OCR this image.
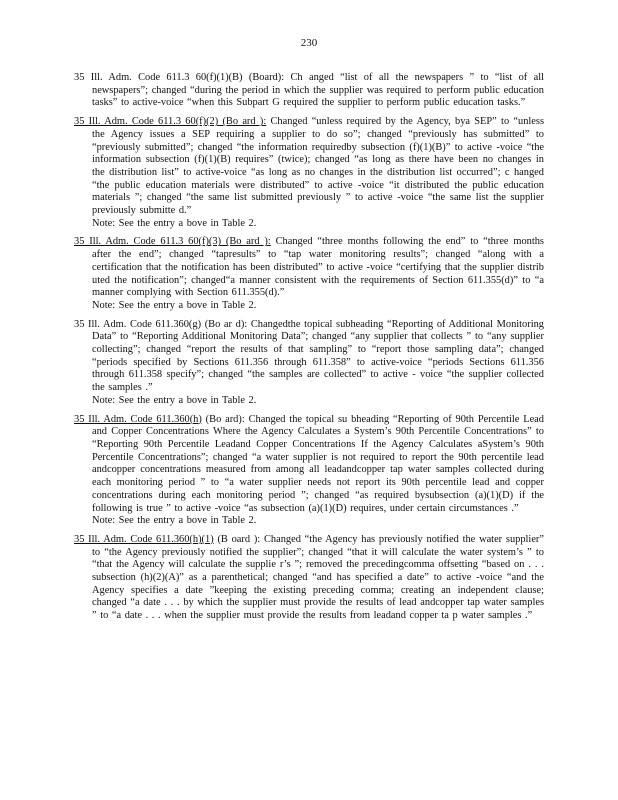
230

35 Ill. Adm. Code 611.3 60(f)(1)(B) (Board): Ch anged “list of all the newspapers ” to “list of all newspapers”; changed “during the period in which the supplier was required to perform public education tasks” to active-voice “when this Subpart G required the supplier to perform public education tasks.”

35 Ill. Adm. Code 611.3 60(f)(2) (Bo ard ): Changed “unless required by the Agency, bya SEP” to “unless the Agency issues a SEP requiring a supplier to do so”; changed “previously has submitted” to “previously submitted”; changed “the information requiredby subsection (f)(1)(B)” to active -voice “the information subsection (f)(1)(B) requires” (twice); changed “as long as there have been no changes in the distribution list” to active-voice “as long as no changes in the distribution list occurred”; c hanged “the public education materials were distributed” to active -voice “it distributed the public education materials ”; changed “the same list submitted previously ” to active -voice “the same list the supplier previously submitte d.”
Note: See the entry a bove in Table 2.

35 Ill. Adm. Code 611.3 60(f)(3) (Bo ard ): Changed “three months following the end” to “three months after the end”; changed “tapresults” to “tap water monitoring results”; changed “along with a certification that the notification has been distributed” to active -voice “certifying that the supplier distrib uted the notification”; changed“a manner consistent with the requirements of Section 611.355(d)” to “a manner complying with Section 611.355(d).”
Note: See the entry a bove in Table 2.

35 Ill. Adm. Code 611.360(g) (Bo ar d): Changedthe topical subheading “Reporting of Additional Monitoring Data” to “Reporting Additional Monitoring Data”; changed “any supplier that collects ” to “any supplier collecting”; changed “report the results of that sampling” to “report those sampling data”; changed “periods specified by Sections 611.356 through 611.358” to active-voice “periods Sections 611.356 through 611.358 specify”; changed “the samples are collected” to active - voice “the supplier collected the samples .”
Note: See the entry a bove in Table 2.

35 Ill. Adm. Code 611.360(h) (Bo ard): Changed the topical su bheading “Reporting of 90th Percentile Lead and Copper Concentrations Where the Agency Calculates a System’s 90th Percentile Concentrations” to “Reporting 90th Percentile Leadand Copper Concentrations If the Agency Calculates aSystem’s 90th Percentile Concentrations”; changed “a water supplier is not required to report the 90th percentile lead andcopper concentrations measured from among all leadandcopper tap water samples collected during each monitoring period ” to “a water supplier needs not report its 90th percentile lead and copper concentrations during each monitoring period ”; changed “as required bysubsection (a)(1)(D) if the following is true ” to active -voice “as subsection (a)(1)(D) requires, under certain circumstances .”
Note: See the entry a bove in Table 2.

35 Ill. Adm. Code 611.360(h)(1) (B oard ): Changed “the Agency has previously notified the water supplier” to “the Agency previously notified the supplier”; changed “that it will calculate the water system’s ” to “that the Agency will calculate the supplie r’s ”; removed the precedingcomma offsetting “based on . . . subsection (h)(2)(A)” as a parenthetical; changed “and has specified a date” to active -voice “and the Agency specifies a date ”keeping the existing preceding comma; creating an independent clause; changed “a date . . . by which the supplier must provide the results of lead andcopper tap water samples ” to “a date . . . when the supplier must provide the results from leadand copper ta p water samples .”
